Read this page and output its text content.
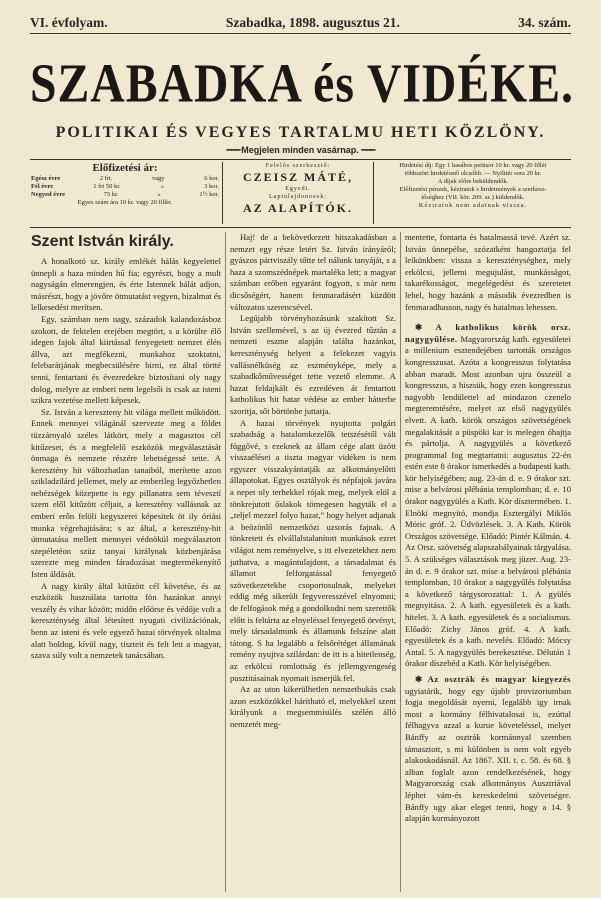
VI. évfolyam.	Szabadka, 1898. augusztus 21.	34. szám.
SZABADKA és VIDÉKE.
POLITIKAI ÉS VEGYES TARTALMU HETI KÖZLÖNY.
━━━ Megjelen minden vasárnap. ━━━
Előfizetési ár:
Egész évre	2 frt.	vagy	6 kor.
Fél évre	1 frt 50 kr.	»	3 kor.
Negyed évre	75 kr.	»	1½ kor.
Egyes szám ára 10 kr. vagy 20 fillér.
Felelős szerkesztő:
CZEISZ MÁTÉ,
Egyedi.
Laptulajdonosok:
AZ ALAPÍTÓK.
Hirdetési díj: Egy 1 hasábos petitsor 10 kr. vagy 20 fillér
többszöri hirdetésnél olcsóbb. — Nyilttér sora 20 kr.
A díjak előre beküldendők.
Előfizetési pénzek, kéziratok s hirdetmények a szerkesz-
tőséghez (VII. kör. 209. sz.) küldendők.
Kéziratok nem adatnak vissza.

Szent István király.

A honalkotó sz. király emlékét hálás kegyelettel ünnepli a haza minden hű fia; egyrészt, hogy a mult nagyságán elmerengjen, és érte Istennek hálát adjon, másrészt, hogy a jövőre ötmutatást vegyen, bizalmat és lelkesedést merítsen.

Egy, számban nem nagy, századok kalandozásboz szokott, de fektelen erejében megtört, s a körülte élő idegen fajok által kiirtással fenyegetett nemzet élén állva, azt megfékezni, munkahoz szoktatni, felebarátjának megbecsülésére birni, ez által törtté tenni, fentartani és évezredekre biztosítani oly nagy dolog, melyre az emberi nem legelsői is csak az isteni szikra vezetése mellett képesek.

Sz. István a kereszteny hit világa mellett működött. Ennek mennyei világánál szervezte meg a földet tüzzárnyaló széles látkört, mely a magasztos cél kitűzeset, és a megfelelő eszközök megválasztását önmaga és nemzete részére lehetségessé tette. A keresztény hit változhatlan tanaiból, merítette azon szikladzilárd jellemet, mely az emberileg legyőzhetlen nehézségek közepette is egy pillanatra sem tévesztí szem elől kitűzött céljait, a keresztény vallásnak az emberi erőn felöli kegyszerei képesitek öt ily óriási munka végrehajtására; s az által, a keresztény-hit útmutatása mellett mennyei védnökül megválasztott szepéletéon szüz tanyai királynak közbenjárása szerezte meg minden fáradozásat megtermékenyítő Isten áldását.

A nagy király által kitűzött cél követése, és az eszközök használata tartotta fön hazánkat annyi veszély és vihar között; midőn előörse és védője volt a kereszténység által létesített nyugati civilizációnak, benn az isteni és vele egyező hazai törvények oltalma alatt boldog, kívül nagy, tiszteit és felt lett a magyar, szava súly volt a nemzetek tanácsában.

Haj! de a bekövetkezett hitszakadásban a nemzet egy része letért Sz. István irányáról; gyászos pártviszály tőtte tel nálunk tanyáját, s a haza a szomszédnépek martaléka lett; a magyar számban erőben egyaránt fogyott, s már nem dicsőségért, hanem fenmaradásért küzdött változatos szerencsével.

Legújabb törvényhozásunk szakított Sz. István szellemével, s az új évezred tűztán a nemzeti eszme alapján találta hazánkat, kereszténység helyett a felekezet vagyis vallásnélküség az eszményképe, mely a szabadkőművességet tette vezető elemme. A hazat feldajkált és ezredéven át fentartott katholikus hit hatar védése az ember hátterbe szoritja, sőt börtönbe juttatja.

A hazai törvények nyujtotta polgári szabadság a hatalomkezelők tetszésétől vált függővé, s ezeknek az állam cége alatt üzött visszaélései a tiszta magyar vidéken is nem egyszer visszakyántatják az alkotmányelőtti állapotokat. Egyes osztályok és népfajok javára a nepet oly terhekkel rójak meg, melyek elöl a tönkrejutott őslakok tömegesen hagyták el a „teljel mezzel folyo hazat,” hogy helyet adjanak a beözönlő nemzetközi uzsorás fajnak. A tönkretett és elvállalstalanított munkások ezret világot nem reményelve, s itt elvezetekhez nem juthatva, a magántulajdont, a társadalmat és államot felforgatással fenyegető szövetkezetekbe csoportosulnak, melyeket eddig még sikerült fegyveresszével elnyomni; de felfogások még a gondolkodni nem szerettők előtt is feltárta az elnyeléssel fenyegető örvényt, mely társadalmunk és államunk felszíne alatt tátong. S ha legalább a felsőrétéget államának remény nyujtva szilárdan: de itt is a hitetlenség, az erkölcsi romlottság és jellemgyengeség pusztitásainak nyomait ismerjük fel.

Az az uton kikerülhetlen nemzetbukás csak azon eszközökkel hárítható el, melyekkel szent királyunk a megsemmisülés szélén álló nemzetét meg-

mentette, fontarta és hatalmassá tevé. Azért sz. István ünnepélse, szózatként hangoztatja fel leikünkben: vissza a kereszténységhez, mely erkölcsi, jellemi megujulást, munkásságot, takarékosságot, megelégedést és szeretetet lehel, hogy hazánk a második évezredben is fenmaradhasson, nagy és hatalmas lehessen.

✱ A katholikus körök orsz. nagygyűlése. Magyarország kath. egyesületei a millenium esztendejében tartották országos kongresszusat. Azóta a kongresszus folytatása abban maradt. Most azonban ujra összeül a kongresszus, a hiszsük, hogy ezen kongresszus nagyobb lendülettel ad mindazon czenelo megteremtésére, melyet az első nagygyülés elvett. A kath. körök országos szövetségének megalakitását a püspöki kar is melegen óhajtja és pártolja. A nagygyülés a következő programmal fog megtartatni: augusztus 22-én estén este 8 órakor ismerkedés a budapesti kath. kör helyiségében; aug. 23-án d. e. 9 órakor szt. mise a belvárosi plébánia templomban; d. e. 10 órakor nagygyülés a Kath. Kör dísztermében. 1. Elnöki megnyitó, mondja Esztergályi Miklós Móric gróf. 2. Üdvözlések. 3. A Kath. Körök Országos szövetsége. Előadó: Pintér Kálmán. 4. Az Orsz. szövetség alapszabályainak tárgyalása. 5. A szükséges választások meg jüzer. Aug. 23-án d. e. 9 órakor szt. mise a belvárosi plébánia templomban, 10 órakor a nagygyűlés folytatása a következő tárgysorozattal: 1. A gyülés megnyitása. 2. A kath. egyesületek és a kath. hitelet. 3. A kath. egyesületek és a socialismus. Előadó: Zichy János gróf. 4. A kath. egyesületek és a kath. nevelés. Előadó: Mócsy Antal. 5. A nagygyülés berekesztése. Délután 1 órakor díszebéd a Kath. Kör helyiségében.

✱ Az osztrák és magyar kiegyezés ugyiatárik, hogy egy újabb provizoriumban fogja megoldását nyerni, legalább igy irnak most a kormány félhivatalosai is, ezúttal félhagyva azzal a kurue követeléssel, melyet Bánffy az osztrák kormánnyal szemben támasztott, s mi különben is nem volt egyéb alakoskodásnál. Az 1867. XII. t. c. 58. és 68. § alban foglalt azon rendelkezésének, hogy Magyarország csak alkotmányos Ausztriával léphet vám-és kereskedelmi szövetségre. Bánffy ugy akar eleget tenni, hogy a 14. § alapján kormányozott
